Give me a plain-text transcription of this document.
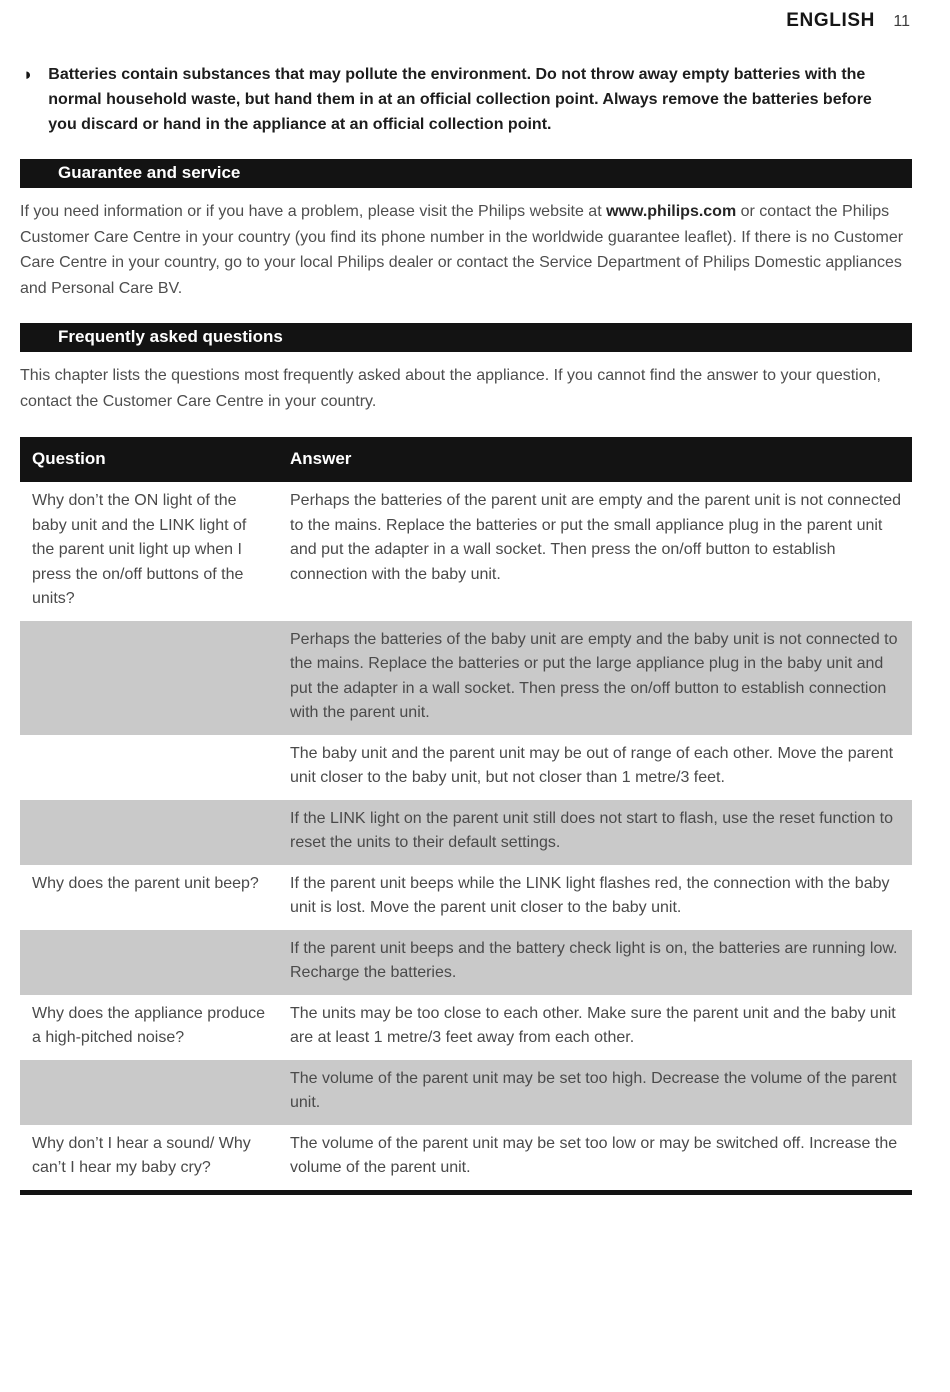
ENGLISH 11
◗ Batteries contain substances that may pollute the environment. Do not throw away empty batteries with the normal household waste, but hand them in at an official collection point. Always remove the batteries before you discard or hand in the appliance at an official collection point.

Guarantee and service

If you need information or if you have a problem, please visit the Philips website at www.philips.com or contact the Philips Customer Care Centre in your country (you find its phone number in the worldwide guarantee leaflet). If there is no Customer Care Centre in your country, go to your local Philips dealer or contact the Service Department of Philips Domestic appliances and Personal Care BV.

Frequently asked questions

This chapter lists the questions most frequently asked about the appliance. If you cannot find the answer to your question, contact the Customer Care Centre in your country.

Question	Answer
Why don’t the ON light of the baby unit and the LINK light of the parent unit light up when I press the on/off buttons of the units?
Perhaps the batteries of the parent unit are empty and the parent unit is not connected to the mains. Replace the batteries or put the small appliance plug in the parent unit and put the adapter in a wall socket. Then press the on/off button to establish connection with the baby unit.
Perhaps the batteries of the baby unit are empty and the baby unit is not connected to the mains. Replace the batteries or put the large appliance plug in the baby unit and put the adapter in a wall socket. Then press the on/off button to establish connection with the parent unit.
The baby unit and the parent unit may be out of range of each other. Move the parent unit closer to the baby unit, but not closer than 1 metre/3 feet.
If the LINK light on the parent unit still does not start to flash, use the reset function to reset the units to their default settings.
Why does the parent unit beep?	If the parent unit beeps while the LINK light flashes red, the connection with the baby unit is lost. Move the parent unit closer to the baby unit.
If the parent unit beeps and the battery check light is on, the batteries are running low. Recharge the batteries.
Why does the appliance produce a high-pitched noise?
The units may be too close to each other. Make sure the parent unit and the baby unit are at least 1 metre/3 feet away from each other.
The volume of the parent unit may be set too high. Decrease the volume of the parent unit.
Why don’t I hear a sound/ Why can’t I hear my baby cry?
The volume of the parent unit may be set too low or may be switched off. Increase the volume of the parent unit.
